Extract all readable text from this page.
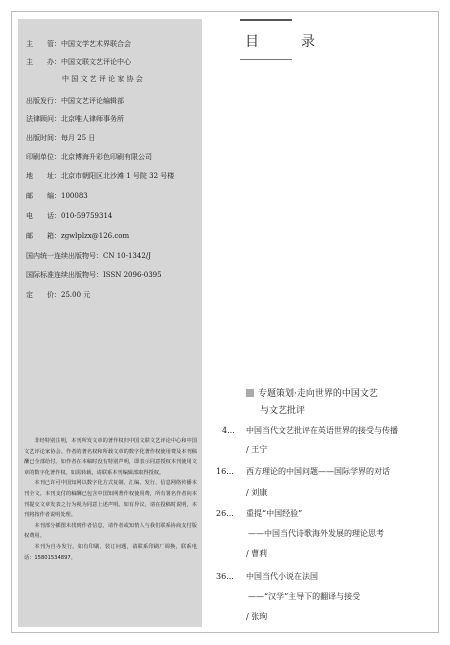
主　　管：中国文学艺术界联合会
主　　办：中国文联文艺评论中心
中 国 文 艺 评 论 家 协 会
出版发行：中国文艺评论编辑部
法律顾问：北京唯人律师事务所
出版时间：每月 25 日
印刷单位：北京博海升彩色印刷有限公司
地　　址：北京市朝阳区北沙滩 1 号院 32 号楼
邮　　编：100083
电　　话：010-59759314
邮　　箱：zgwlplzx@126.com
国内统一连续出版物号：CN 10-1342/J
国际标准连续出版物号：ISSN 2096-0395
定　　价：25.00 元

非经特别注明，本刊所发文章的著作权归中国文联文艺评论中心和中国文艺评论家协会。作者的著名权和所载文章的数字化著作权使用费及本刊稿酬已全部给付。如作者在本稿时没有特别声明，即表示同意授权本刊使用文章的数字化著作权。如需转载，请联系本刊编辑部取得授权。

本刊已许可中国知网以数字化方式复制、汇编、发行、信息网络传播本刊全文。本刊支付的稿酬已包含中国知网著作权使用费，所有署名作者向本刊提交文章发表之行为视为同意上述声明。如有异议，请在投稿时说明，本刊将按作者说明处理。

本刊部分插图未找到作者信息，请作者或知情人与我们联系协商支付版权费用。

本刊为自办发行。如有印刷、装订问题，请联系印刷厂调换，联系电话：15801534897。

目　录
专题策划·走向世界的中国文艺
与文艺批评
4...	中国当代文艺批评在英语世界的接受与传播
/ 王宁
16...	西方理论的中国问题——国际学界的对话
/ 刘康
26...	重提“中国经验”
——中国当代诗歌海外发展的理论思考
/ 曹莉
36...	中国当代小说在法国
——“汉学”主导下的翻译与接受
/ 张珣
